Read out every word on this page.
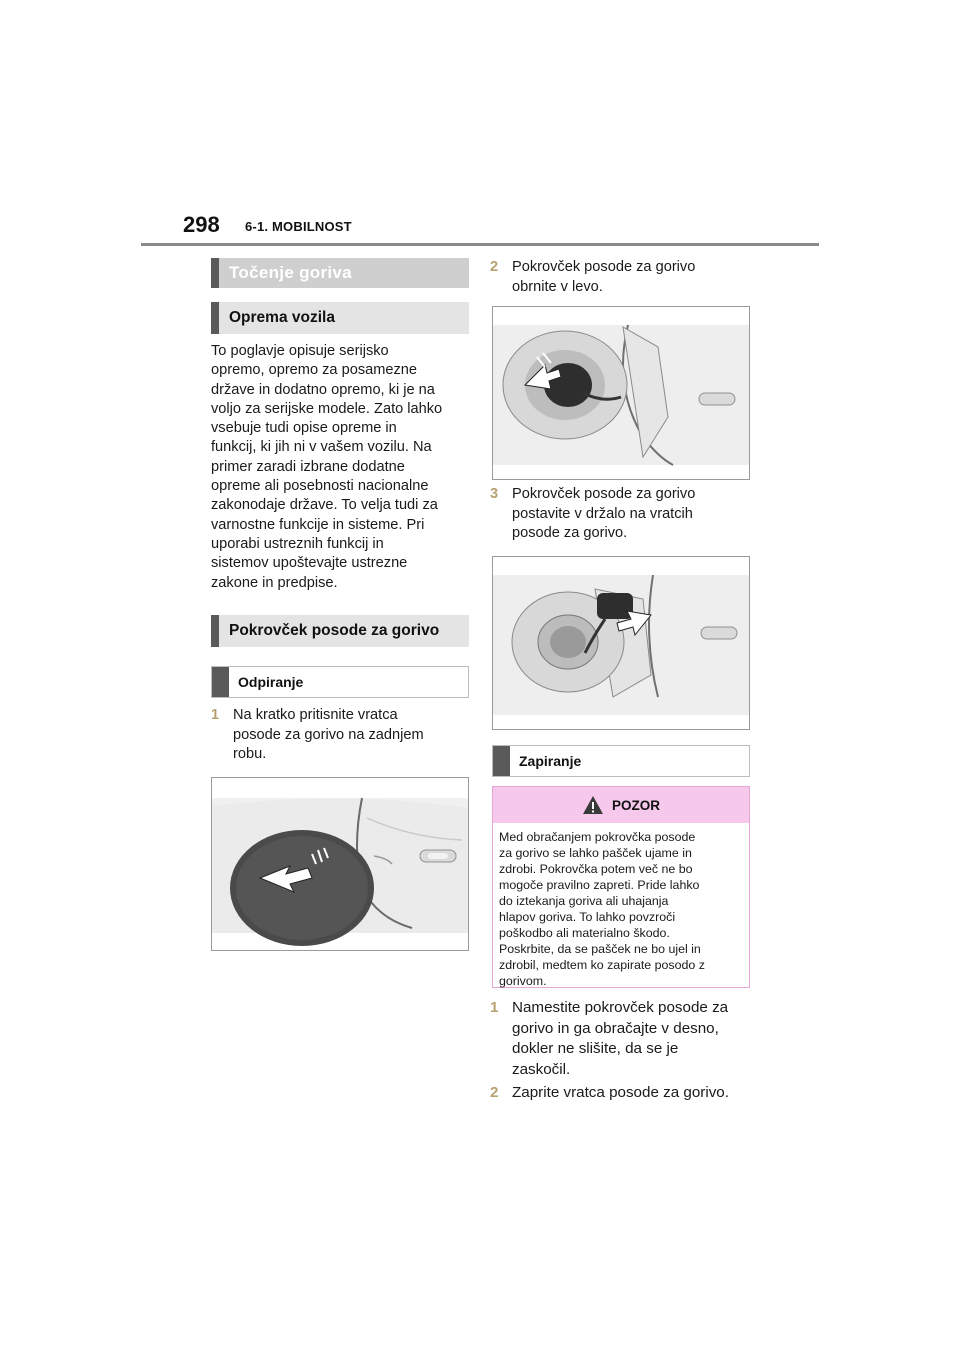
298 6-1. MOBILNOST
Točenje goriva
Oprema vozila
To poglavje opisuje serijsko
opremo, opremo za posamezne
države in dodatno opremo, ki je na
voljo za serijske modele. Zato lahko
vsebuje tudi opise opreme in
funkcij, ki jih ni v vašem vozilu. Na
primer zaradi izbrane dodatne
opreme ali posebnosti nacionalne
zakonodaje države. To velja tudi za
varnostne funkcije in sisteme. Pri
uporabi ustreznih funkcij in
sistemov upoštevajte ustrezne
zakone in predpise.
Pokrovček posode za gorivo
Odpiranje
1 Na kratko pritisnite vratca
posode za gorivo na zadnjem
robu.
2 Pokrovček posode za gorivo
obrnite v levo.
3 Pokrovček posode za gorivo
postavite v držalo na vratcih
posode za gorivo.
Zapiranje
POZOR
Med obračanjem pokrovčka posode
za gorivo se lahko pašček ujame in
zdrobi. Pokrovčka potem več ne bo
mogoče pravilno zapreti. Pride lahko
do iztekanja goriva ali uhajanja
hlapov goriva. To lahko povzroči
poškodbo ali materialno škodo.
Poskrbite, da se pašček ne bo ujel in
zdrobil, medtem ko zapirate posodo z
gorivom.
1 Namestite pokrovček posode za
gorivo in ga obračajte v desno,
dokler ne slišite, da se je
zaskočil.
2 Zaprite vratca posode za gorivo.
